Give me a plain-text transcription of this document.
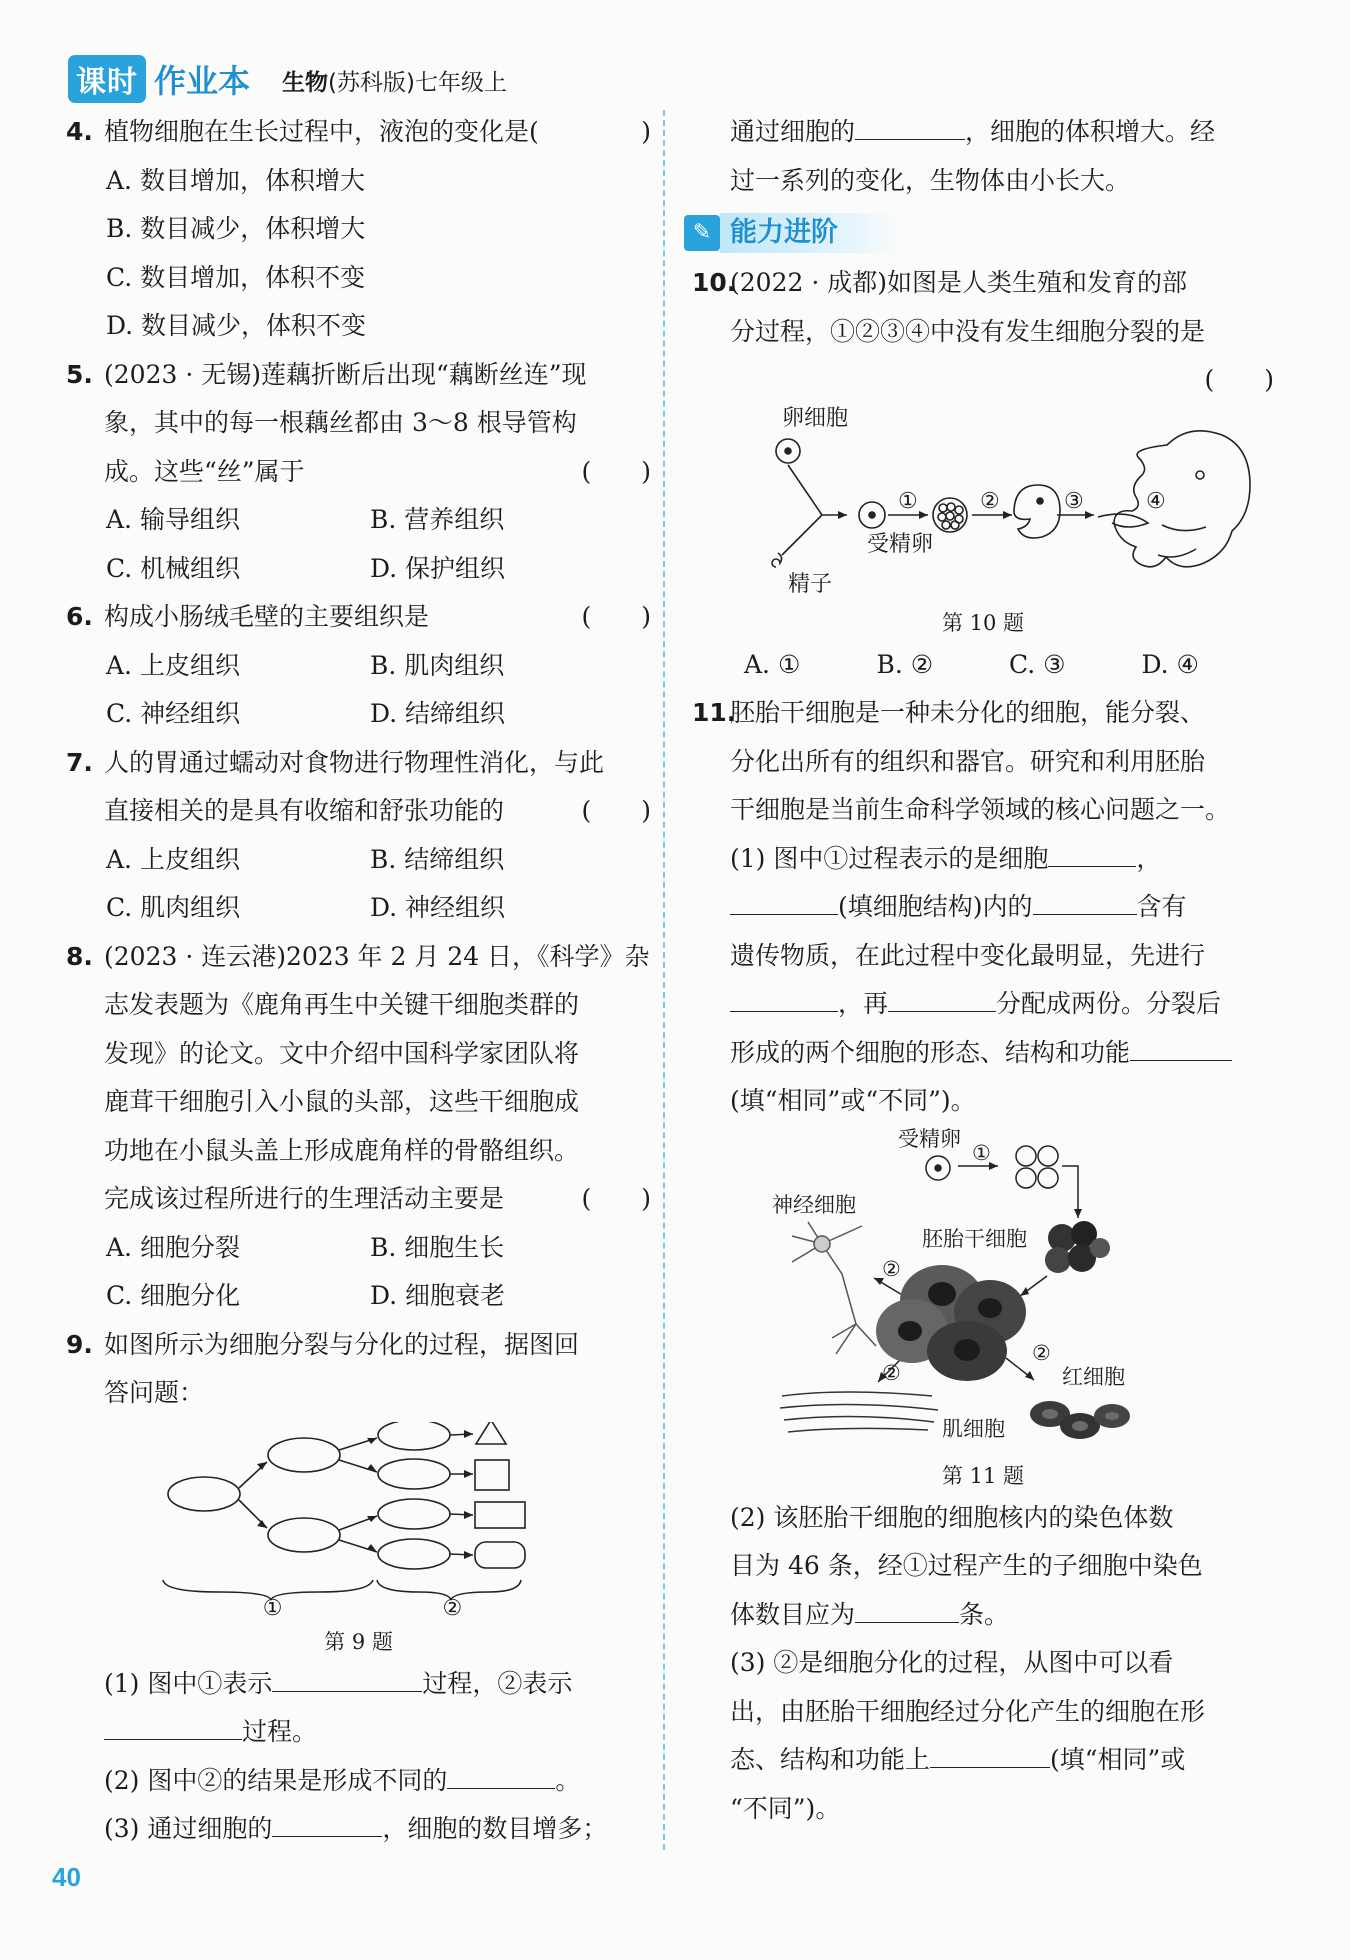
课时 作业本 生物(苏科版)七年级上
4. 植物细胞在生长过程中，液泡的变化是(	)
A. 数目增加，体积增大
B. 数目减少，体积增大
C. 数目增加，体积不变
D. 数目减少，体积不变
5. (2023 · 无锡)莲藕折断后出现“藕断丝连”现
象，其中的每一根藕丝都由 3～8 根导管构
成。这些“丝”属于	(　　)
A. 输导组织	B. 营养组织
C. 机械组织	D. 保护组织
6. 构成小肠绒毛壁的主要组织是	(　　)
A. 上皮组织	B. 肌肉组织
C. 神经组织	D. 结缔组织
7. 人的胃通过蠕动对食物进行物理性消化，与此
直接相关的是具有收缩和舒张功能的	(　　)
A. 上皮组织	B. 结缔组织
C. 肌肉组织	D. 神经组织
8. (2023 · 连云港)2023 年 2 月 24 日，《科学》杂
志发表题为《鹿角再生中关键干细胞类群的
发现》的论文。文中介绍中国科学家团队将
鹿茸干细胞引入小鼠的头部，这些干细胞成
功地在小鼠头盖上形成鹿角样的骨骼组织。
完成该过程所进行的生理活动主要是	(　　)
A. 细胞分裂	B. 细胞生长
C. 细胞分化	D. 细胞衰老
9. 如图所示为细胞分裂与分化的过程，据图回
答问题：
①	②
第 9 题
(1) 图中①表示	过程，②表示
过程。
(2) 图中②的结果是形成不同的	。
(3) 通过细胞的	，细胞的数目增多；
通过细胞的	，细胞的体积增大。经
过一系列的变化，生物体由小长大。
✎ 能力进阶
10.
(2022 · 成都)如图是人类生殖和发育的部
分过程，①②③④中没有发生细胞分裂的是
(　　)
卵细胞
精子
受精卵
①	②	③	④
第 10 题
A. ①	B. ②	C. ③	D. ④
11.
胚胎干细胞是一种未分化的细胞，能分裂、
分化出所有的组织和器官。研究和利用胚胎
干细胞是当前生命科学领域的核心问题之一。
(1) 图中①过程表示的是细胞	，
(填细胞结构)内的	含有
遗传物质，在此过程中变化最明显，先进行
，再	分配成两份。分裂后
形成的两个细胞的形态、结构和功能
(填“相同”或“不同”)。
受精卵
①
神经细胞
胚胎干细胞
②
②
②
红细胞
肌细胞
第 11 题
(2) 该胚胎干细胞的细胞核内的染色体数
目为 46 条，经①过程产生的子细胞中染色
体数目应为	条。
(3) ②是细胞分化的过程，从图中可以看
出，由胚胎干细胞经过分化产生的细胞在形
态、结构和功能上	(填“相同”或
“不同”)。
40
